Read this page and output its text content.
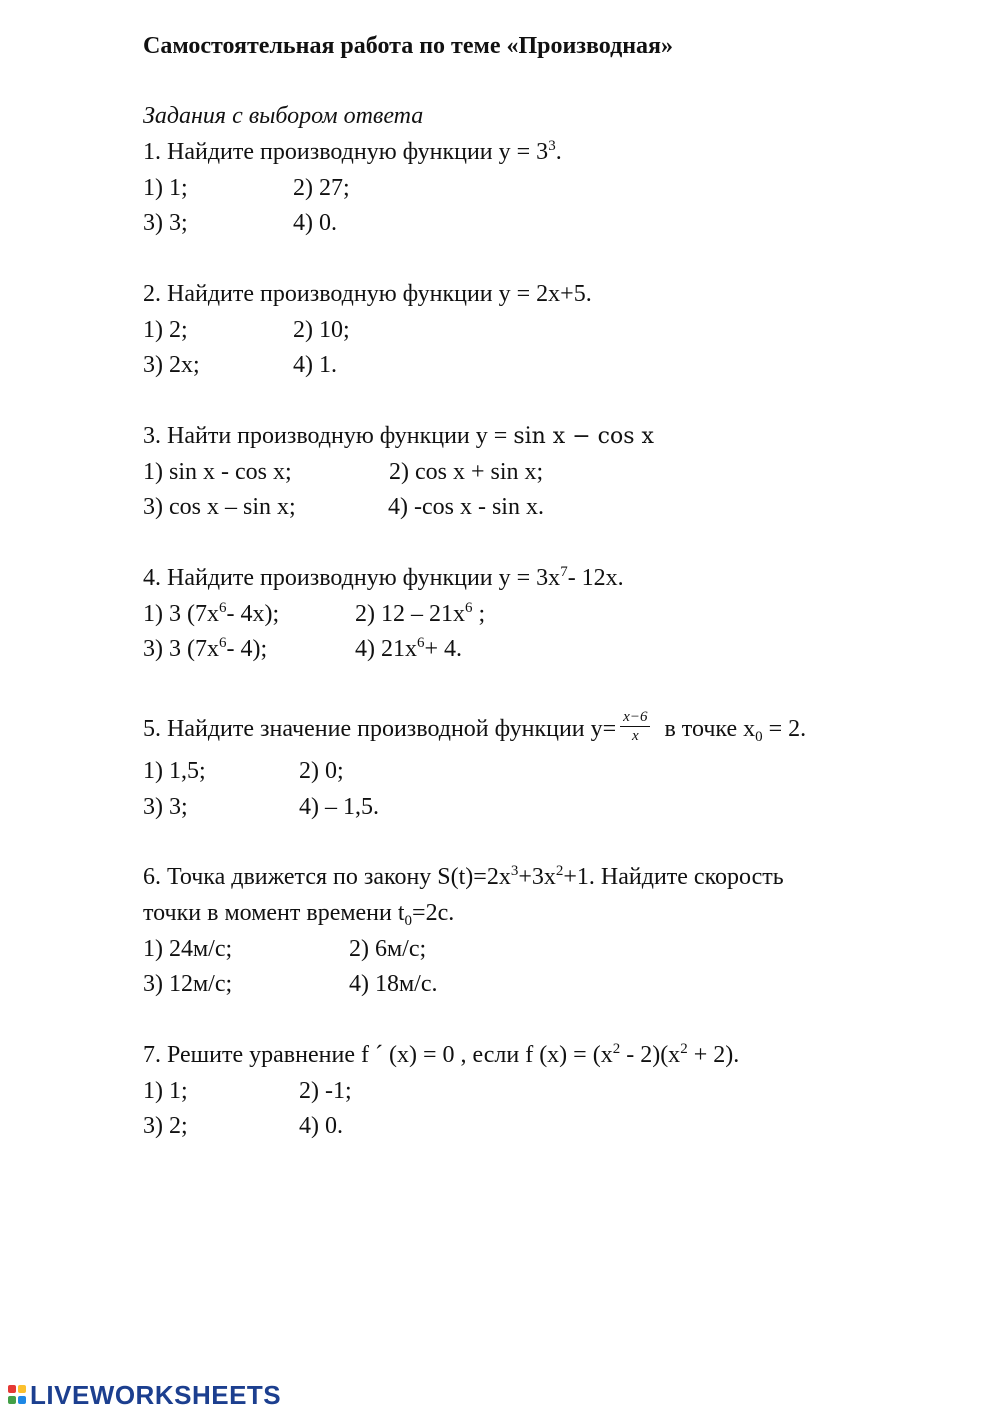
Самостоятельная работа по теме «Производная»
Задания с выбором ответа
1. Найдите производную функции $y = 3^3$.
1) 1;	2) 27;
3) 3;	4) 0.
2. Найдите производную функции y = 2x+5.
1) 2;	2) 10;
3) 2x;	4) 1.
3. Найти производную функции y = sin x − cos x
1) sin x - cos x;	2) cos x + sin x;
3) cos x – sin x;	4) -cos x - sin x.
4. Найдите производную функции $y = 3x^7-$ 12x.
1) 3 ($7x^6-$ 4x);	2) $12 - 21x^6$ ;
3) 3 ($7x^6-$ 4);	4) $21x^6+ 4$.
5. Найдите значение производной функции $y= \frac{x-6}{x}$ в точке $x_0 = 2$.
1) 1,5;	2) 0;
3) 3;	4) – 1,5.
6. Точка движется по закону $S(t)=2x^3+3x^2+1$. Найдите скорость
точки в момент времени $t_0=2с$.
1) 24м/с;	2) 6м/с;
3) 12м/с;	4) 18м/с.
7. Решите уравнение f ´ (x) = 0 , если f $(x) = (x^2 - 2)(x^2 + 2)$.
1) 1;	2) -1;
3) 2;	4) 0.
LIVEWORKSHEETS
